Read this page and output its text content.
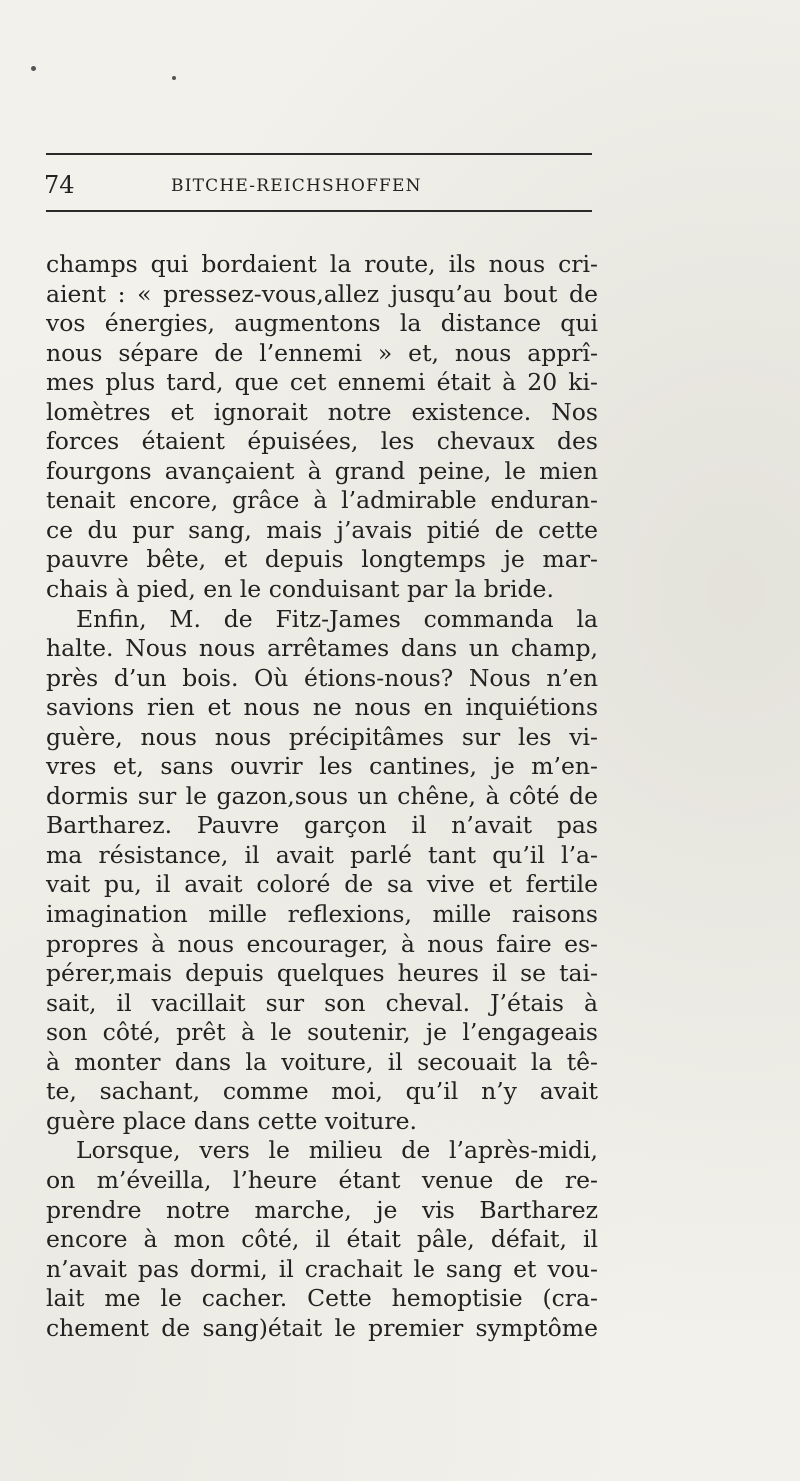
74	BITCHE-REICHSHOFFEN
champs qui bordaient la route, ils nous cri-
aient : « pressez-vous,allez jusqu’au bout de
vos énergies, augmentons la distance qui
nous sépare de l’ennemi » et, nous apprî-
mes plus tard, que cet ennemi était à 20 ki-
lomètres et ignorait notre existence. Nos
forces étaient épuisées, les chevaux des
fourgons avançaient à grand peine, le mien
tenait encore, grâce à l’admirable enduran-
ce du pur sang, mais j’avais pitié de cette
pauvre bête, et depuis longtemps je mar-
chais à pied, en le conduisant par la bride.
Enfin, M. de Fitz-James commanda la
halte. Nous nous arrêtames dans un champ,
près d’un bois. Où étions-nous? Nous n’en
savions rien et nous ne nous en inquiétions
guère, nous nous précipitâmes sur les vi-
vres et, sans ouvrir les cantines, je m’en-
dormis sur le gazon,sous un chêne, à côté de
Bartharez. Pauvre garçon il n’avait pas
ma résistance, il avait parlé tant qu’il l’a-
vait pu, il avait coloré de sa vive et fertile
imagination mille reflexions, mille raisons
propres à nous encourager, à nous faire es-
pérer,mais depuis quelques heures il se tai-
sait, il vacillait sur son cheval. J’étais à
son côté, prêt à le soutenir, je l’engageais
à monter dans la voiture, il secouait la tê-
te, sachant, comme moi, qu’il n’y avait
guère place dans cette voiture.
Lorsque, vers le milieu de l’après-midi,
on m’éveilla, l’heure étant venue de re-
prendre notre marche, je vis Bartharez
encore à mon côté, il était pâle, défait, il
n’avait pas dormi, il crachait le sang et vou-
lait me le cacher. Cette hemoptisie (cra-
chement de sang)était le premier symptôme
